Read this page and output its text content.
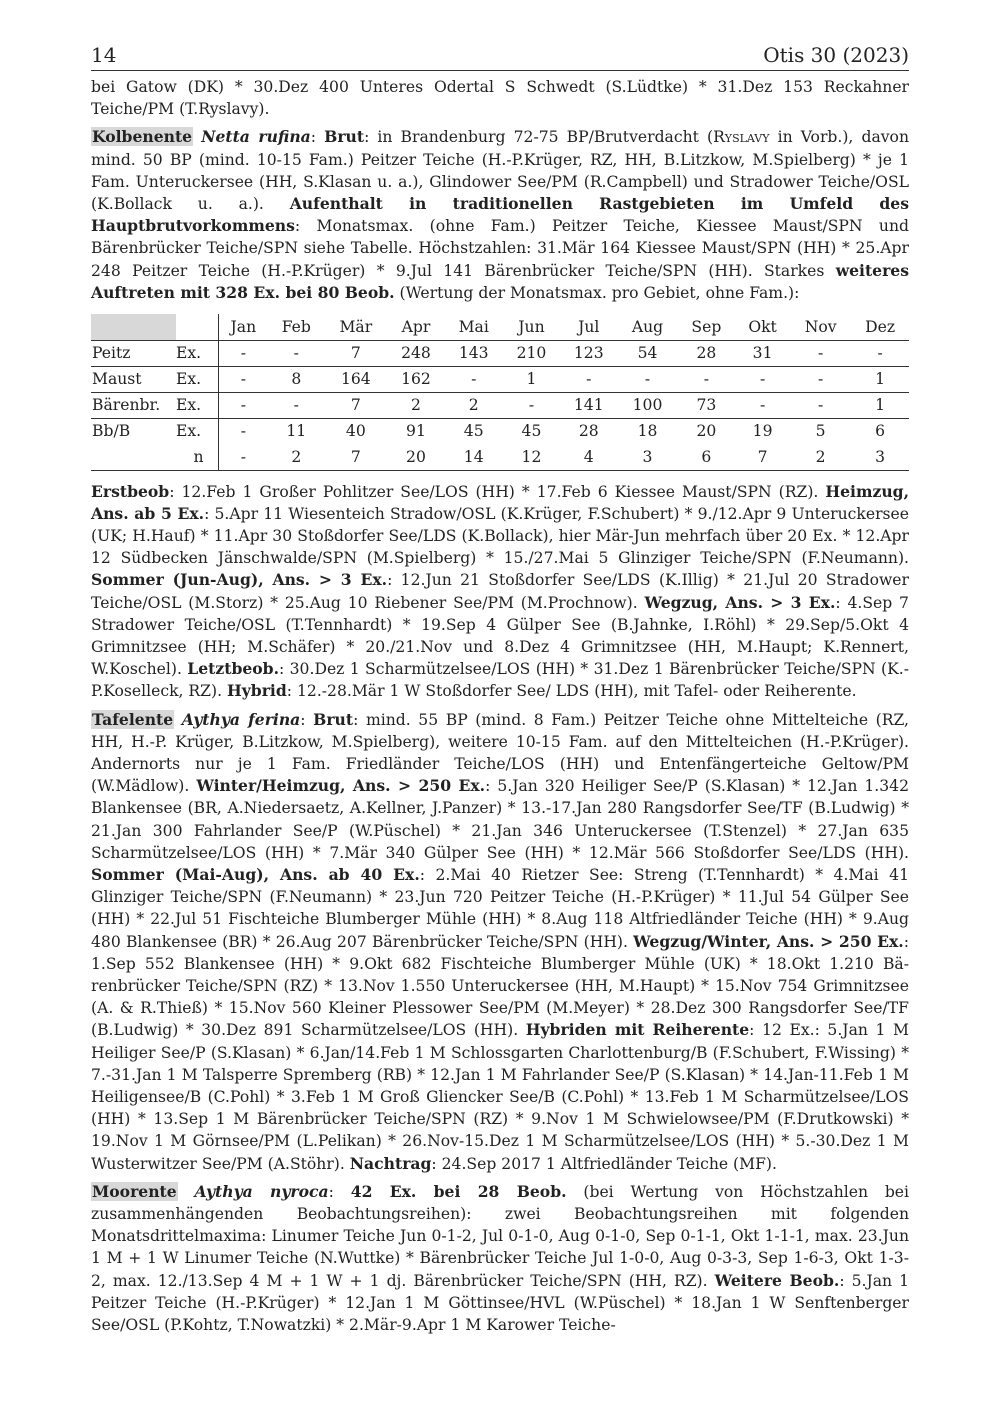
14	Otis 30 (2023)

bei Gatow (DK) * 30.Dez 400 Unteres Odertal S Schwedt (S.Lüdtke) * 31.Dez 153 Reckahner Teiche/PM (T.Ryslavy).

Kolbenente Netta rufina: Brut: in Brandenburg 72-75 BP/Brutverdacht (Ryslavy in Vorb.), davon mind. 50 BP (mind. 10-15 Fam.) Peitzer Teiche (H.-P.Krüger, RZ, HH, B.Litzkow, M.Spielberg) * je 1 Fam. Unteruckersee (HH, S.Klasan u. a.), Glindower See/PM (R.Campbell) und Stradower Teiche/OSL (K.Bollack u. a.). Aufenthalt in traditionellen Rastgebieten im Umfeld des Hauptbrutvorkommens: Monatsmax. (ohne Fam.) Peitzer Teiche, Kiessee Maust/SPN und Bärenbrücker Teiche/SPN siehe Tabelle. Höchstzahlen: 31.Mär 164 Kiessee Maust/SPN (HH) * 25.Apr 248 Peitzer Teiche (H.-P.Krüger) * 9.Jul 141 Bärenbrücker Teiche/SPN (HH). Starkes weiteres Auftreten mit 328 Ex. bei 80 Beob. (Wertung der Monatsmax. pro Gebiet, ohne Fam.):

		Jan	Feb	Mär	Apr	Mai	Jun	Jul	Aug	Sep	Okt	Nov	Dez
Peitz	Ex.	-	-	7	248	143	210	123	54	28	31	-	-
Maust	Ex.	-	8	164	162	-	1	-	-	-	-	-	1
Bärenbr.	Ex.	-	-	7	2	2	-	141	100	73	-	-	1
Bb/B	Ex.	-	11	40	91	45	45	28	18	20	19	5	6
	n	-	2	7	20	14	12	4	3	6	7	2	3

Erstbeob: 12.Feb 1 Großer Pohlitzer See/LOS (HH) * 17.Feb 6 Kiessee Maust/SPN (RZ). Heimzug, Ans. ab 5 Ex.: 5.Apr 11 Wiesenteich Stradow/OSL (K.Krüger, F.Schubert) * 9./12.Apr 9 Unteruckersee (UK; H.Hauf) * 11.Apr 30 Stoßdorfer See/LDS (K.Bollack), hier Mär-Jun mehrfach über 20 Ex. * 12.Apr 12 Südbecken Jänschwalde/SPN (M.Spielberg) * 15./27.Mai 5 Glinziger Teiche/SPN (F.Neumann). Sommer (Jun-Aug), Ans. > 3 Ex.: 12.Jun 21 Stoßdorfer See/LDS (K.Illig) * 21.Jul 20 Stradower Teiche/OSL (M.Storz) * 25.Aug 10 Riebener See/PM (M.Prochnow). Wegzug, Ans. > 3 Ex.: 4.Sep 7 Stradower Teiche/OSL (T.Tennhardt) * 19.Sep 4 Gülper See (B.Jahnke, I.Röhl) * 29.Sep/5.Okt 4 Grimnitzsee (HH; M.Schäfer) * 20./21.Nov und 8.Dez 4 Grimnitzsee (HH, M.Haupt; K.Rennert, W.Koschel). Letztbeob.: 30.Dez 1 Scharmützelsee/LOS (HH) * 31.Dez 1 Bärenbrücker Teiche/SPN (K.-P.Koselleck, RZ). Hybrid: 12.-28.Mär 1 W Stoßdorfer See/ LDS (HH), mit Tafel- oder Reiherente.

Tafelente Aythya ferina: Brut: mind. 55 BP (mind. 8 Fam.) Peitzer Teiche ohne Mittelteiche (RZ, HH, H.-P. Krüger, B.Litzkow, M.Spielberg), weitere 10-15 Fam. auf den Mittelteichen (H.-P.Krüger). Andernorts nur je 1 Fam. Friedländer Teiche/LOS (HH) und Entenfängerteiche Geltow/PM (W.Mädlow). Winter/Heimzug, Ans. > 250 Ex.: 5.Jan 320 Heiliger See/P (S.Klasan) * 12.Jan 1.342 Blankensee (BR, A.Niedersaetz, A.Kellner, J.Panzer) * 13.-17.Jan 280 Rangsdorfer See/TF (B.Ludwig) * 21.Jan 300 Fahrlander See/P (W.Püschel) * 21.Jan 346 Unteruckersee (T.Stenzel) * 27.Jan 635 Scharmützelsee/LOS (HH) * 7.Mär 340 Gülper See (HH) * 12.Mär 566 Stoßdorfer See/LDS (HH). Sommer (Mai-Aug), Ans. ab 40 Ex.: 2.Mai 40 Rietzer See: Streng (T.Tennhardt) * 4.Mai 41 Glinziger Teiche/SPN (F.Neumann) * 23.Jun 720 Peitzer Teiche (H.-P.Krüger) * 11.Jul 54 Gülper See (HH) * 22.Jul 51 Fischteiche Blumberger Mühle (HH) * 8.Aug 118 Altfriedländer Teiche (HH) * 9.Aug 480 Blankensee (BR) * 26.Aug 207 Bärenbrücker Teiche/SPN (HH). Wegzug/Winter, Ans. > 250 Ex.: 1.Sep 552 Blankensee (HH) * 9.Okt 682 Fischteiche Blumberger Mühle (UK) * 18.Okt 1.210 Bärenbrücker Teiche/SPN (RZ) * 13.Nov 1.550 Unteruckersee (HH, M.Haupt) * 15.Nov 754 Grimnitzsee (A. & R.Thieß) * 15.Nov 560 Kleiner Plessower See/PM (M.Meyer) * 28.Dez 300 Rangsdorfer See/TF (B.Ludwig) * 30.Dez 891 Scharmützelsee/LOS (HH). Hybriden mit Reiherente: 12 Ex.: 5.Jan 1 M Heiliger See/P (S.Klasan) * 6.Jan/14.Feb 1 M Schlossgarten Charlottenburg/B (F.Schubert, F.Wissing) * 7.-31.Jan 1 M Talsperre Spremberg (RB) * 12.Jan 1 M Fahrlander See/P (S.Klasan) * 14.Jan-11.Feb 1 M Heiligensee/B (C.Pohl) * 3.Feb 1 M Groß Gliencker See/B (C.Pohl) * 13.Feb 1 M Scharmützelsee/LOS (HH) * 13.Sep 1 M Bärenbrücker Teiche/SPN (RZ) * 9.Nov 1 M Schwielowsee/PM (F.Drutkowski) * 19.Nov 1 M Görnsee/PM (L.Pelikan) * 26.Nov-15.Dez 1 M Scharmützelsee/LOS (HH) * 5.-30.Dez 1 M Wusterwitzer See/PM (A.Stöhr). Nachtrag: 24.Sep 2017 1 Altfriedländer Teiche (MF).

Moorente Aythya nyroca: 42 Ex. bei 28 Beob. (bei Wertung von Höchstzahlen bei zusammenhängenden Beobachtungsreihen): zwei Beobachtungsreihen mit folgenden Monatsdrittelmaxima: Linumer Teiche Jun 0-1-2, Jul 0-1-0, Aug 0-1-0, Sep 0-1-1, Okt 1-1-1, max. 23.Jun 1 M + 1 W Linumer Teiche (N.Wuttke) * Bärenbrücker Teiche Jul 1-0-0, Aug 0-3-3, Sep 1-6-3, Okt 1-3-2, max. 12./13.Sep 4 M + 1 W + 1 dj. Bärenbrücker Teiche/SPN (HH, RZ). Weitere Beob.: 5.Jan 1 Peitzer Teiche (H.-P.Krüger) * 12.Jan 1 M Göttinsee/HVL (W.Püschel) * 18.Jan 1 W Senftenberger See/OSL (P.Kohtz, T.Nowatzki) * 2.Mär-9.Apr 1 M Karower Teiche-
